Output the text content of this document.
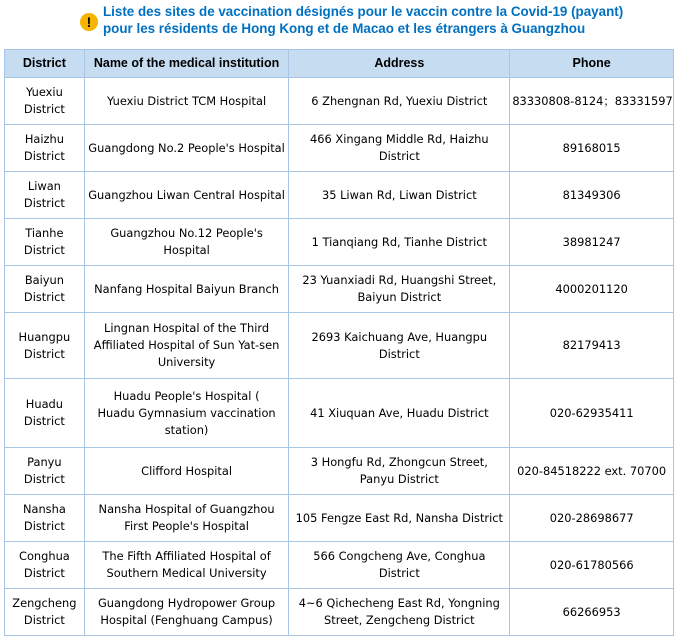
!
Liste des sites de vaccination désignés pour le vaccin contre la Covid-19 (payant)
pour les résidents de Hong Kong et de Macao et les étrangers à Guangzhou
District	Name of the medical institution	Address	Phone

Yuexiu
District	Yuexiu District TCM Hospital	6 Zhengnan Rd, Yuexiu District	83330808-8124；83331597

Haizhu
District	Guangdong No.2 People's Hospital	466 Xingang Middle Rd, Haizhu
District	89168015

Liwan
District	Guangzhou Liwan Central Hospital	35 Liwan Rd, Liwan District	81349306

Tianhe
District	Guangzhou No.12 People's
Hospital	1 Tianqiang Rd, Tianhe District	38981247

Baiyun
District	Nanfang Hospital Baiyun Branch	23 Yuanxiadi Rd, Huangshi Street,
Baiyun District	4000201120

Huangpu
District	Lingnan Hospital of the Third
Affiliated Hospital of Sun Yat-sen
University	2693 Kaichuang Ave, Huangpu
District	82179413

Huadu
District	Huadu People's Hospital (
Huadu Gymnasium vaccination
station)	41 Xiuquan Ave, Huadu District	020-62935411

Panyu
District	Clifford Hospital	3 Hongfu Rd, Zhongcun Street,
Panyu District	020-84518222 ext. 70700

Nansha
District	Nansha Hospital of Guangzhou
First People's Hospital	105 Fengze East Rd, Nansha District	020-28698677

Conghua
District	The Fifth Affiliated Hospital of
Southern Medical University	566 Congcheng Ave, Conghua
District	020-61780566

Zengcheng
District	Guangdong Hydropower Group
Hospital (Fenghuang Campus)	4~6 Qichecheng East Rd, Yongning
Street, Zengcheng District	66266953
